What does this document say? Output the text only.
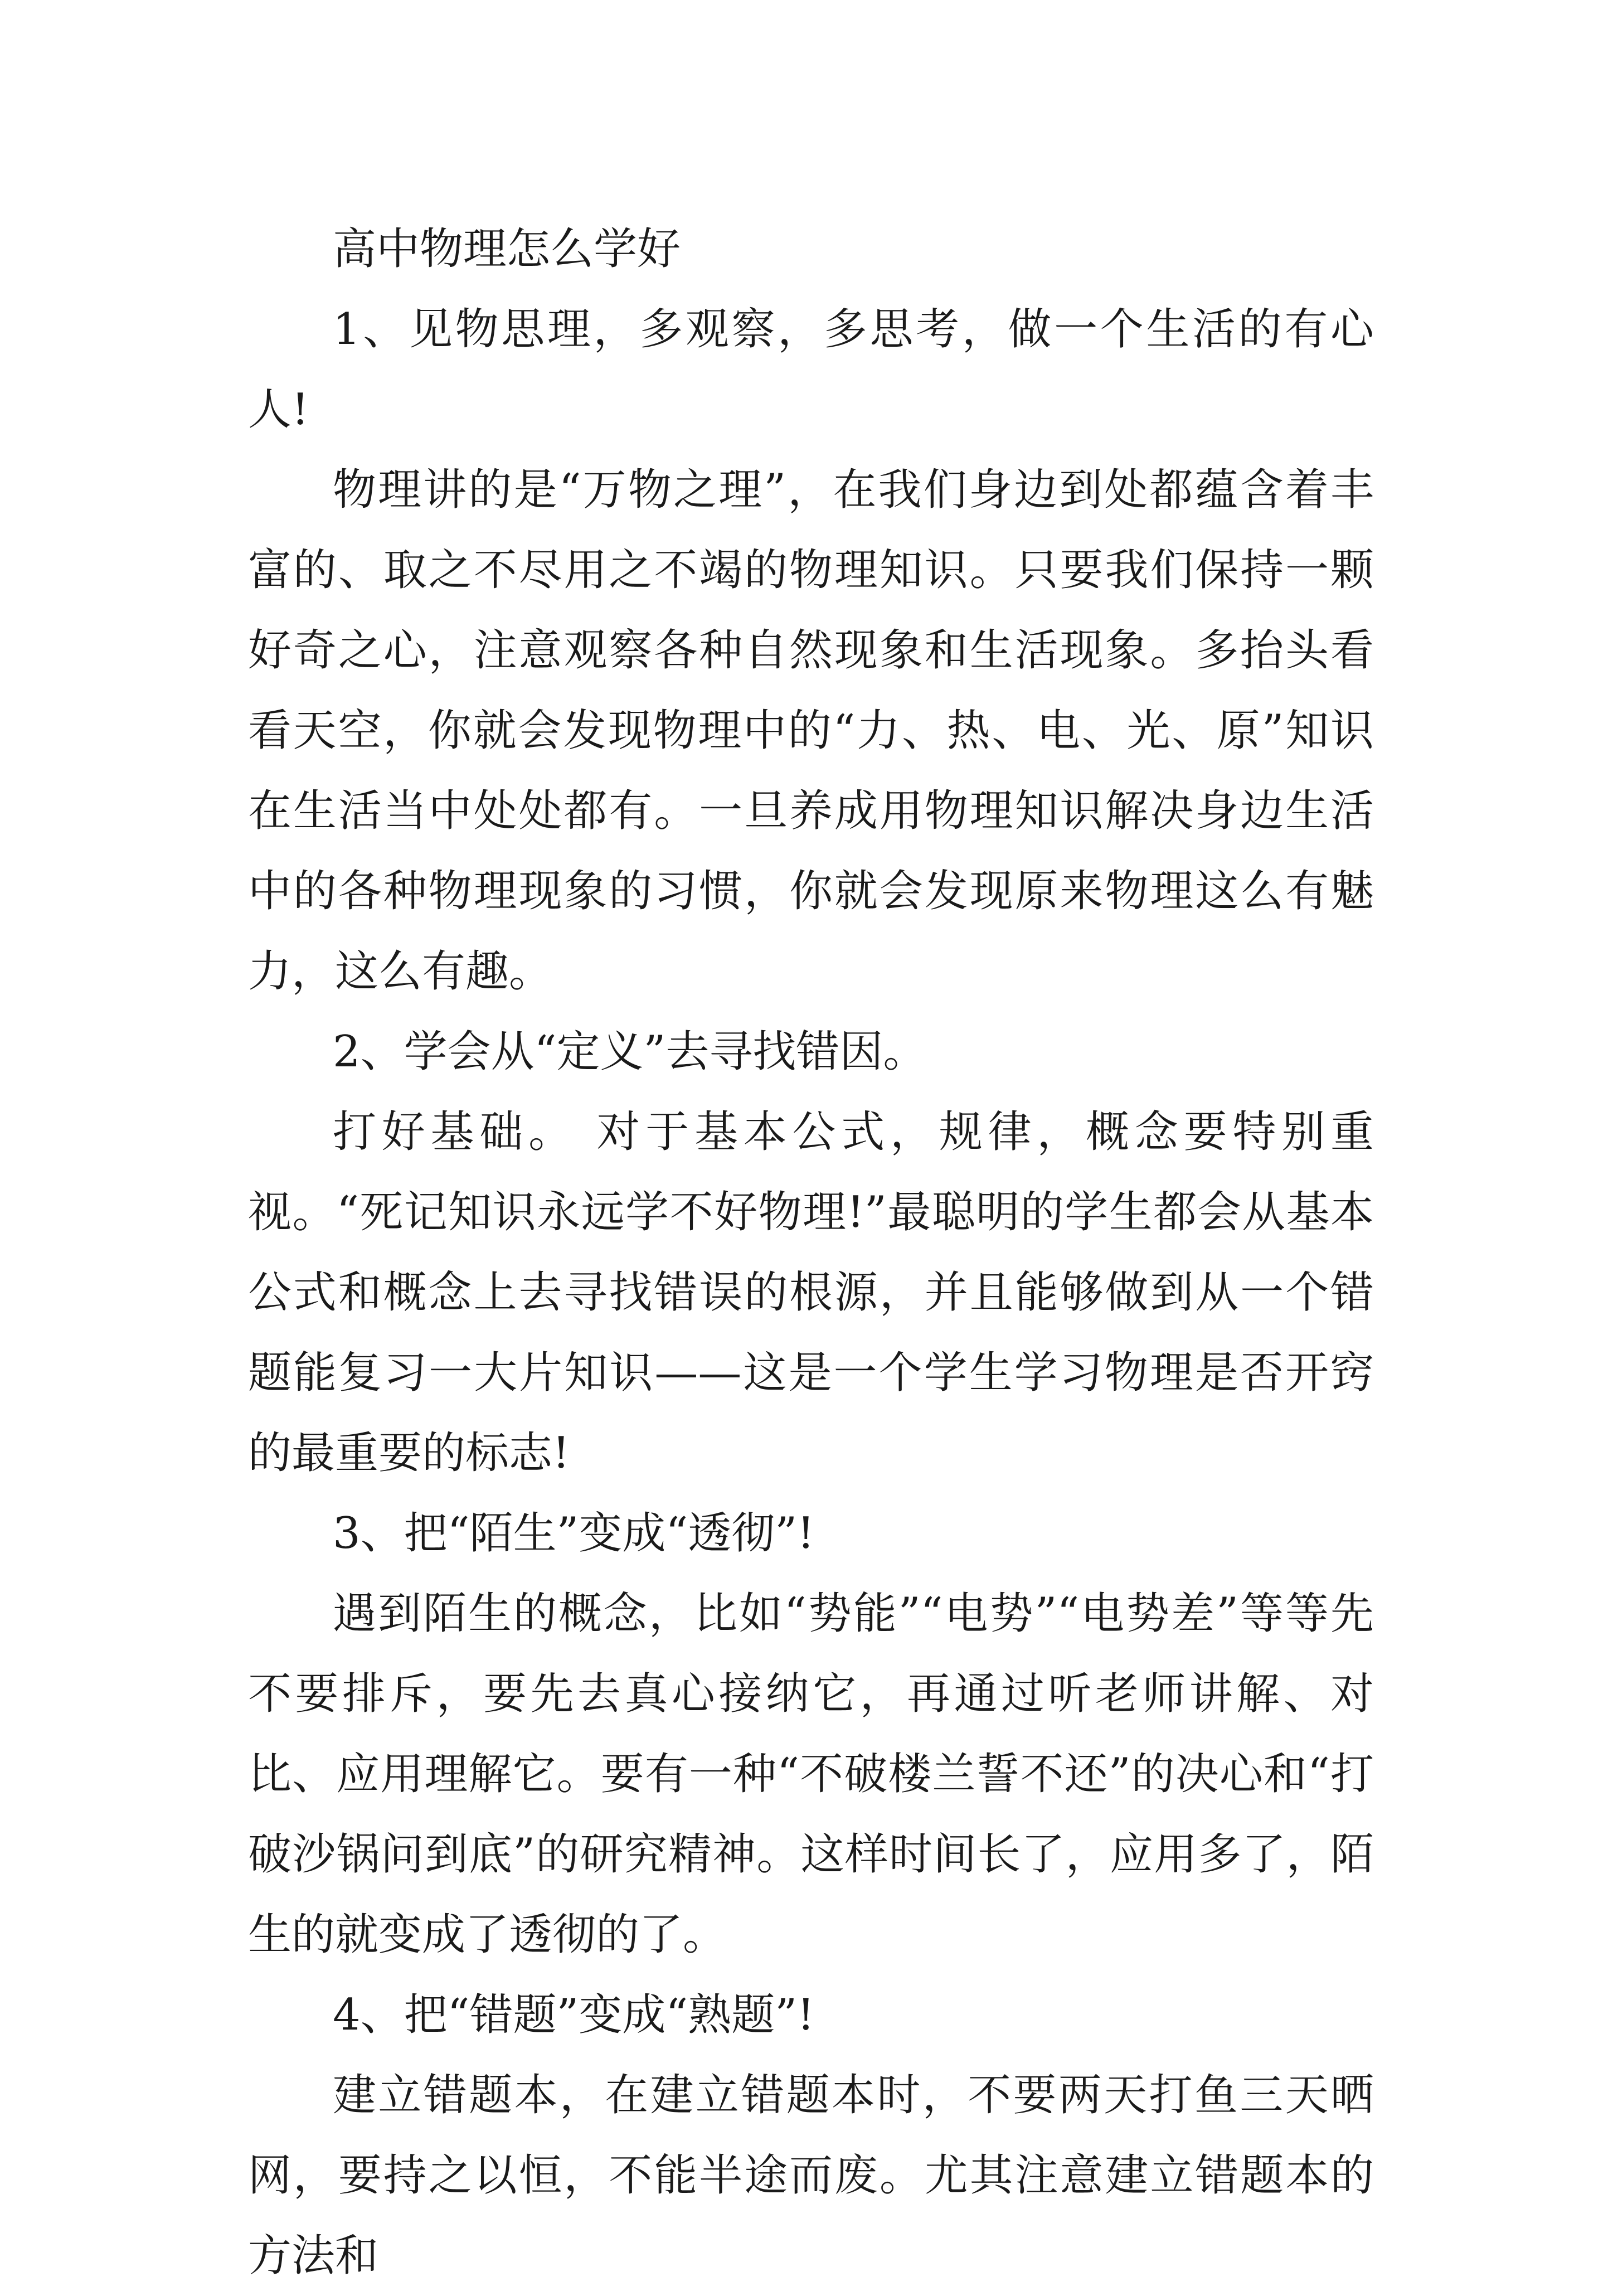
高中物理怎么学好

1、见物思理，多观察，多思考，做一个生活的有心人!

物理讲的是“万物之理”，在我们身边到处都蕴含着丰富的、取之不尽用之不竭的物理知识。只要我们保持一颗好奇之心，注意观察各种自然现象和生活现象。多抬头看看天空，你就会发现物理中的“力、热、电、光、原”知识在生活当中处处都有。一旦养成用物理知识解决身边生活中的各种物理现象的习惯，你就会发现原来物理这么有魅力，这么有趣。

2、学会从“定义”去寻找错因。

打好基础。 对于基本公式，规律，概念要特别重视。“死记知识永远学不好物理!”最聪明的学生都会从基本公式和概念上去寻找错误的根源，并且能够做到从一个错题能复习一大片知识——这是一个学生学习物理是否开窍的最重要的标志!

3、把“陌生”变成“透彻”!

遇到陌生的概念，比如“势能”“电势”“电势差”等等先不要排斥，要先去真心接纳它，再通过听老师讲解、对比、应用理解它。要有一种“不破楼兰誓不还”的决心和“打破沙锅问到底”的研究精神。这样时间长了，应用多了，陌生的就变成了透彻的了。

4、把“错题”变成“熟题”!

建立错题本，在建立错题本时，不要两天打鱼三天晒网，要持之以恒，不能半途而废。尤其注意建立错题本的方法和
